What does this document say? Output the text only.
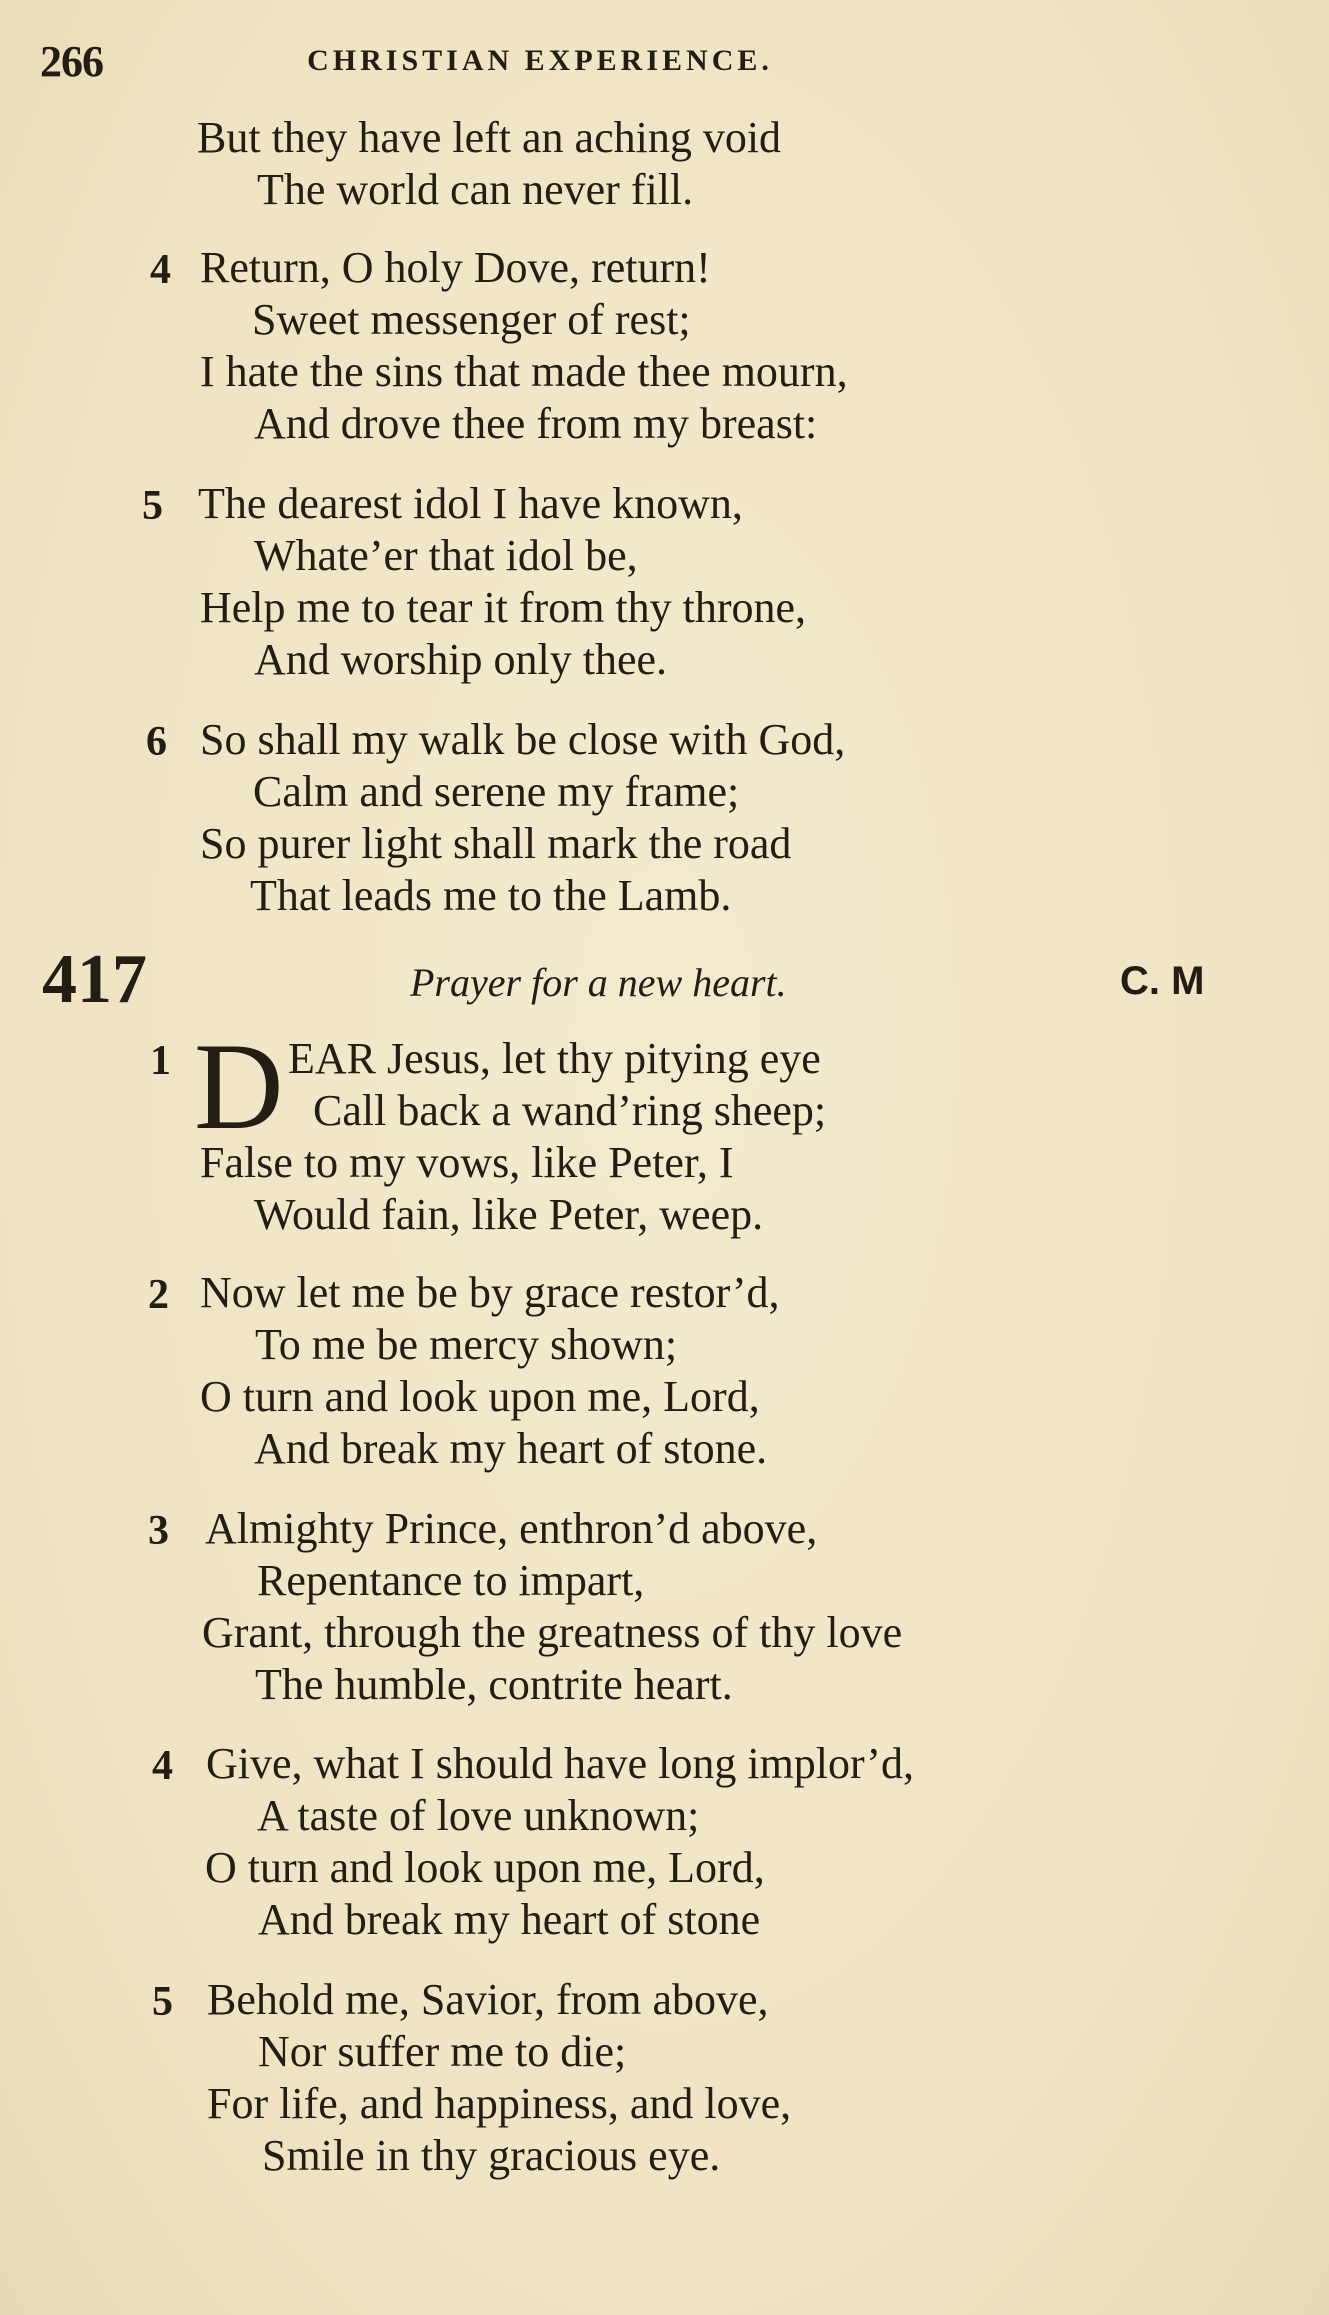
266	CHRISTIAN EXPERIENCE.
But they have left an aching void
The world can never fill.
4 Return, O holy Dove, return!
Sweet messenger of rest;
I hate the sins that made thee mourn,
And drove thee from my breast:
5 The dearest idol I have known,
Whate’er that idol be,
Help me to tear it from thy throne,
And worship only thee.
6 So shall my walk be close with God,
Calm and serene my frame;
So purer light shall mark the road
That leads me to the Lamb.
417	Prayer for a new heart.	C. M
1 D EAR Jesus, let thy pitying eye
Call back a wand’ring sheep;
False to my vows, like Peter, I
Would fain, like Peter, weep.
2 Now let me be by grace restor’d,
To me be mercy shown;
O turn and look upon me, Lord,
And break my heart of stone.
3 Almighty Prince, enthron’d above,
Repentance to impart,
Grant, through the greatness of thy love
The humble, contrite heart.
4 Give, what I should have long implor’d,
A taste of love unknown;
O turn and look upon me, Lord,
And break my heart of stone
5 Behold me, Savior, from above,
Nor suffer me to die;
For life, and happiness, and love,
Smile in thy gracious eye.
